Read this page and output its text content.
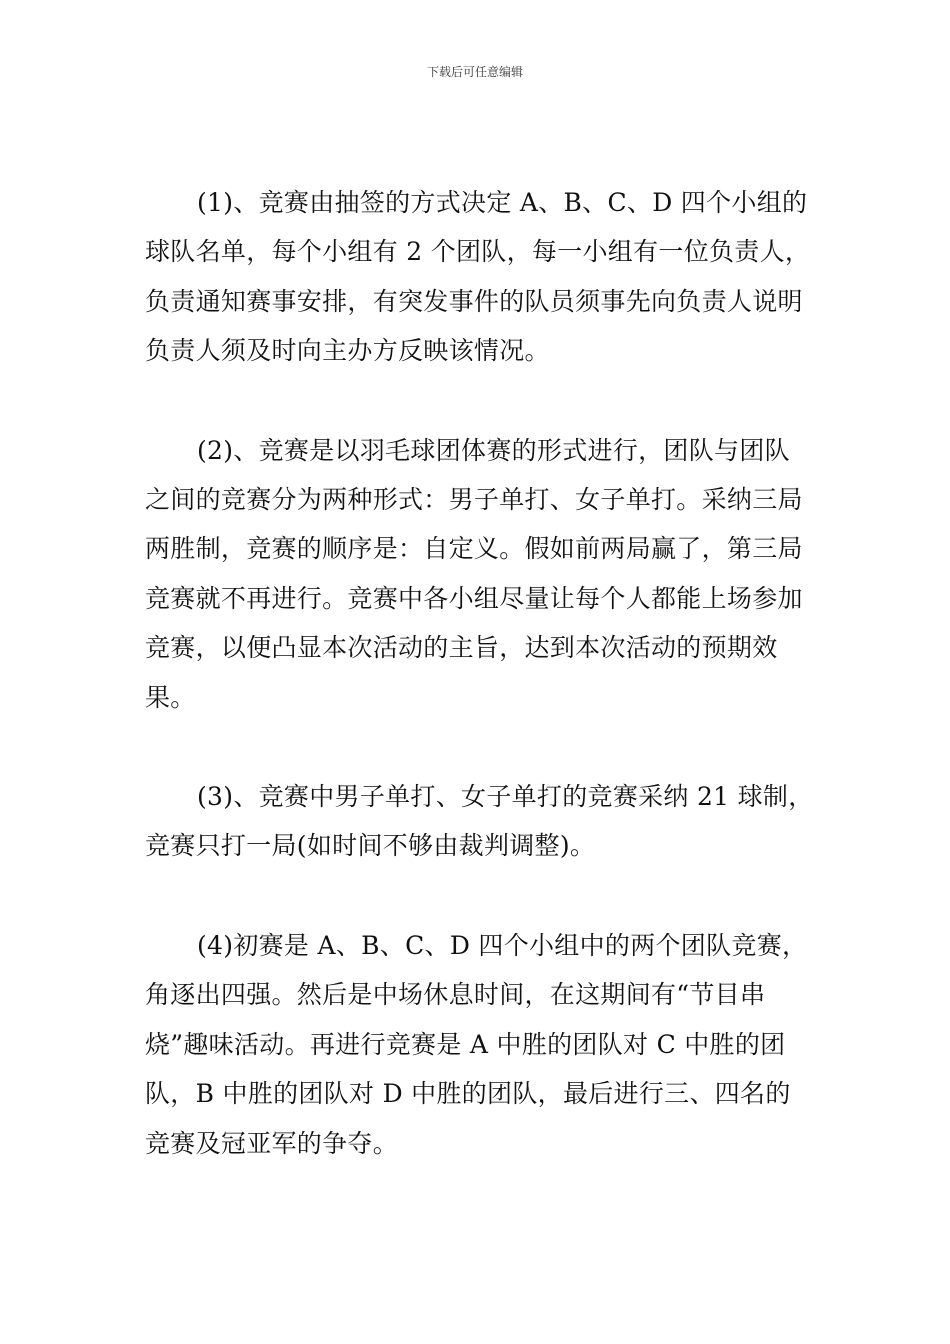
下载后可任意编辑

(1)、竞赛由抽签的方式决定 A、B、C、D 四个小组的球队名单，每个小组有 2 个团队，每一小组有一位负责人，负责通知赛事安排，有突发事件的队员须事先向负责人说明负责人须及时向主办方反映该情况。

(2)、竞赛是以羽毛球团体赛的形式进行，团队与团队之间的竞赛分为两种形式：男子单打、女子单打。采纳三局两胜制，竞赛的顺序是：自定义。假如前两局赢了，第三局竞赛就不再进行。竞赛中各小组尽量让每个人都能上场参加竞赛，以便凸显本次活动的主旨，达到本次活动的预期效果。

(3)、竞赛中男子单打、女子单打的竞赛采纳 21 球制，竞赛只打一局(如时间不够由裁判调整)。

(4)初赛是 A、B、C、D 四个小组中的两个团队竞赛，角逐出四强。然后是中场休息时间，在这期间有“节目串烧”趣味活动。再进行竞赛是 A 中胜的团队对 C 中胜的团队，B 中胜的团队对 D 中胜的团队，最后进行三、四名的竞赛及冠亚军的争夺。
